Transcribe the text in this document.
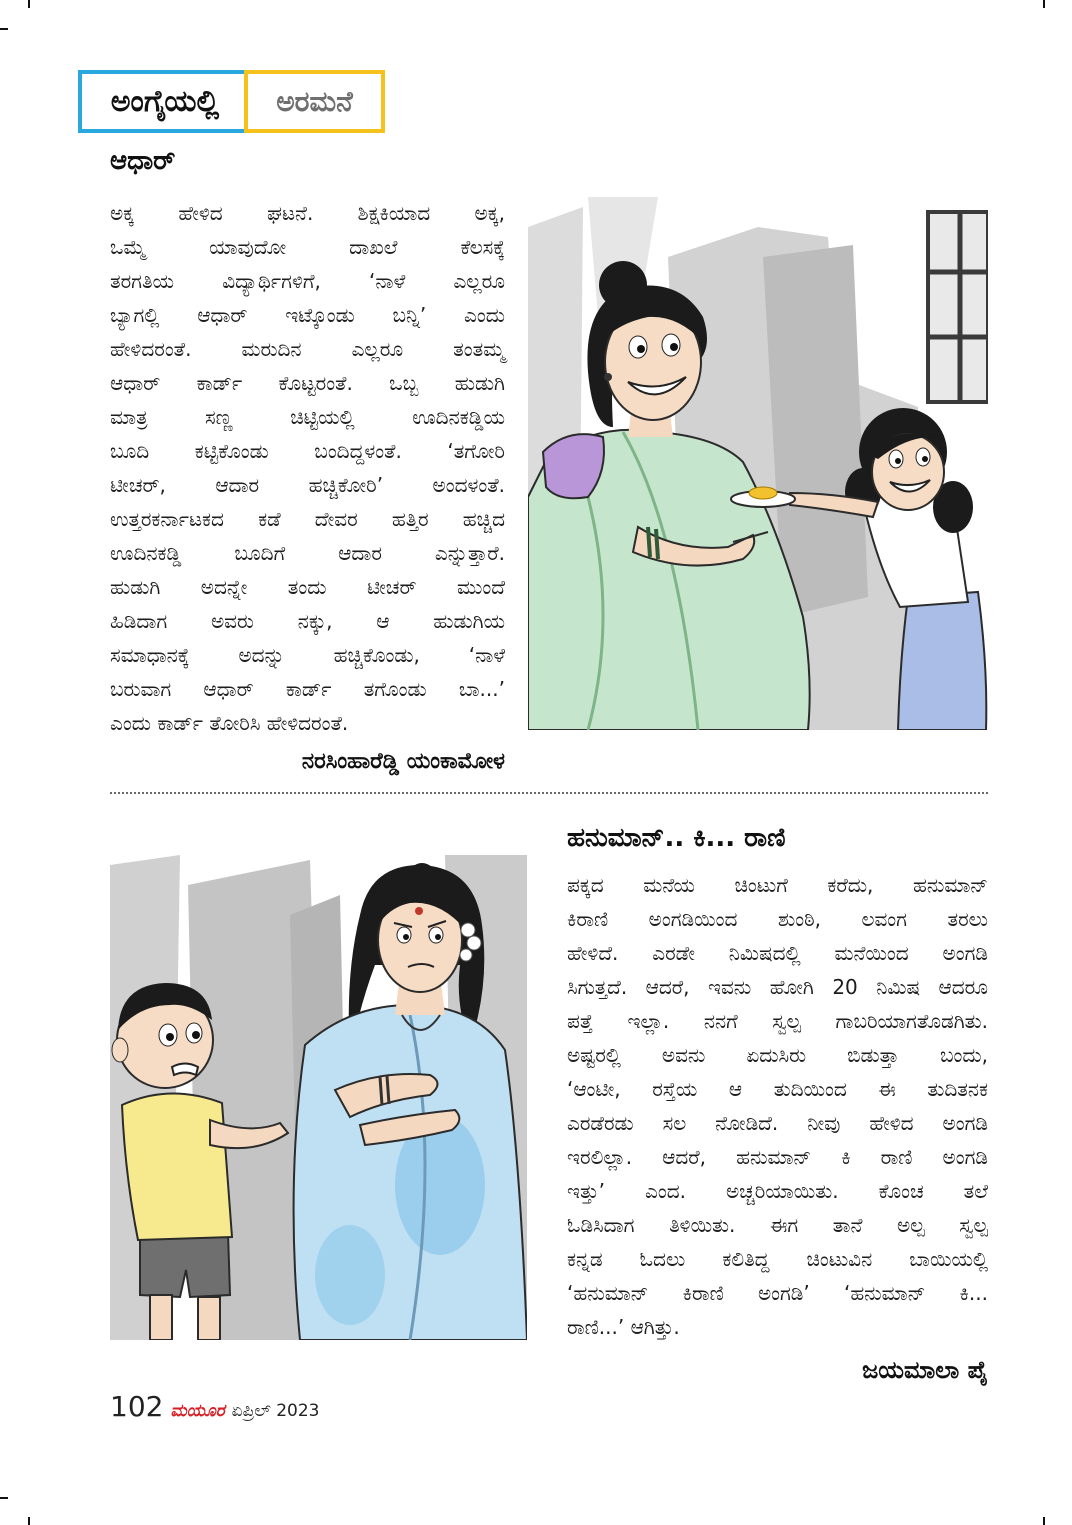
ಅಂಗೈಯಲ್ಲಿ	ಅರಮನೆ
ಆಧಾರ್
ಅಕ್ಕ ಹೇಳಿದ ಘಟನೆ. ಶಿಕ್ಷಕಿಯಾದ ಅಕ್ಕ,
ಒಮ್ಮೆ ಯಾವುದೋ ದಾಖಲೆ ಕೆಲಸಕ್ಕೆ
ತರಗತಿಯ ವಿದ್ಯಾರ್ಥಿಗಳಿಗೆ, ‘ನಾಳೆ ಎಲ್ಲರೂ
ಬ್ಯಾಗಲ್ಲಿ ಆಧಾರ್ ಇಟ್ಕೊಂಡು ಬನ್ನಿ’ ಎಂದು
ಹೇಳಿದರಂತೆ. ಮರುದಿನ ಎಲ್ಲರೂ ತಂತಮ್ಮ
ಆಧಾರ್ ಕಾರ್ಡ್ ಕೊಟ್ಟರಂತೆ. ಒಬ್ಬ ಹುಡುಗಿ
ಮಾತ್ರ ಸಣ್ಣ ಚಿಟ್ಟಿಯಲ್ಲಿ ಊದಿನಕಡ್ಡಿಯ
ಬೂದಿ ಕಟ್ಟಿಕೊಂಡು ಬಂದಿದ್ದಳಂತೆ. ‘ತಗೋರಿ
ಟೀಚರ್, ಆದಾರ ಹಚ್ಚಿಕೋರಿ’ ಅಂದಳಂತೆ.
ಉತ್ತರಕರ್ನಾಟಕದ ಕಡೆ ದೇವರ ಹತ್ತಿರ ಹಚ್ಚಿದ
ಊದಿನಕಡ್ಡಿ ಬೂದಿಗೆ ಆದಾರ ಎನ್ನುತ್ತಾರೆ.
ಹುಡುಗಿ ಅದನ್ನೇ ತಂದು ಟೀಚರ್ ಮುಂದೆ
ಹಿಡಿದಾಗ ಅವರು ನಕ್ಕು, ಆ ಹುಡುಗಿಯ
ಸಮಾಧಾನಕ್ಕೆ ಅದನ್ನು ಹಚ್ಚಿಕೊಂಡು, ‘ನಾಳೆ
ಬರುವಾಗ ಆಧಾರ್ ಕಾರ್ಡ್ ತಗೊಂಡು ಬಾ...’
ಎಂದು ಕಾರ್ಡ್ ತೋರಿಸಿ ಹೇಳಿದರಂತೆ.
ನರಸಿಂಹಾರೆಡ್ಡಿ ಯಂಕಾಮೋಳ
ಹನುಮಾನ್.. ಕಿ... ರಾಣಿ
ಪಕ್ಕದ ಮನೆಯ ಚಿಂಟುಗೆ ಕರೆದು, ಹನುಮಾನ್
ಕಿರಾಣಿ ಅಂಗಡಿಯಿಂದ ಶುಂಠಿ, ಲವಂಗ ತರಲು
ಹೇಳಿದೆ. ಎರಡೇ ನಿಮಿಷದಲ್ಲಿ ಮನೆಯಿಂದ ಅಂಗಡಿ
ಸಿಗುತ್ತದೆ. ಆದರೆ, ಇವನು ಹೋಗಿ 20 ನಿಮಿಷ ಆದರೂ
ಪತ್ತೆ ಇಲ್ಲಾ. ನನಗೆ ಸ್ವಲ್ಪ ಗಾಬರಿಯಾಗತೊಡಗಿತು.
ಅಷ್ಟರಲ್ಲಿ ಅವನು ಏದುಸಿರು ಬಿಡುತ್ತಾ ಬಂದು,
‘ಆಂಟೀ, ರಸ್ತೆಯ ಆ ತುದಿಯಿಂದ ಈ ತುದಿತನಕ
ಎರಡೆರಡು ಸಲ ನೋಡಿದೆ. ನೀವು ಹೇಳಿದ ಅಂಗಡಿ
ಇರಲಿಲ್ಲಾ. ಆದರೆ, ಹನುಮಾನ್ ಕಿ ರಾಣಿ ಅಂಗಡಿ
ಇತ್ತು’ ಎಂದ. ಅಚ್ಚರಿಯಾಯಿತು. ಕೊಂಚ ತಲೆ
ಓಡಿಸಿದಾಗ ತಿಳಿಯಿತು. ಈಗ ತಾನೆ ಅಲ್ಪ ಸ್ವಲ್ಪ
ಕನ್ನಡ ಓದಲು ಕಲಿತಿದ್ದ ಚಿಂಟುವಿನ ಬಾಯಿಯಲ್ಲಿ
‘ಹನುಮಾನ್ ಕಿರಾಣಿ ಅಂಗಡಿ’ ‘ಹನುಮಾನ್ ಕಿ...
ರಾಣಿ...’ ಆಗಿತ್ತು.
ಜಯಮಾಲಾ ಪೈ
102 ಮಯೂರ ಏಪ್ರಿಲ್ 2023
